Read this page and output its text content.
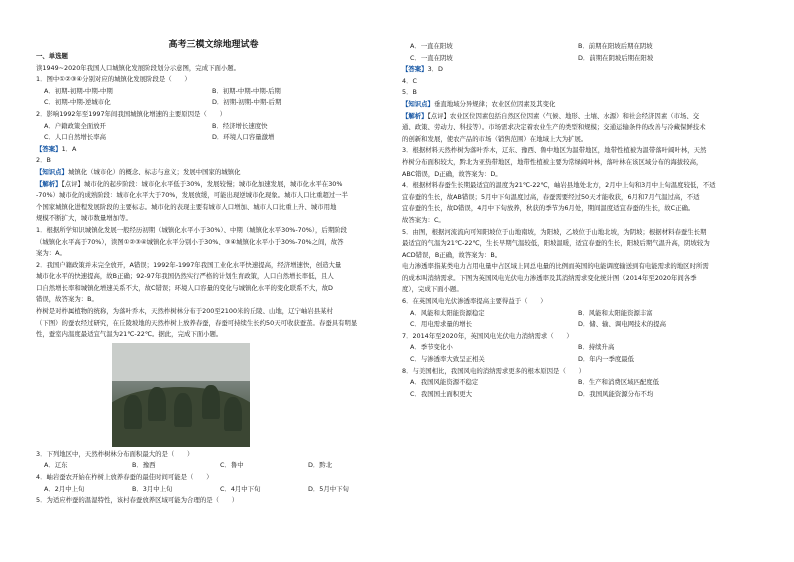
高考三模文综地理试卷
一、单选题
读1949~2020年我国人口城镇化发展阶段划分示意图，完成下面小题。
1．图中①②③④分别对应的城镇化发展阶段是（　　）
A．初期-初期-中期-中期	B．初期-中期-中期-后期
C．初期-中期-逆城市化	D．初期-初期-中期-后期
2．影响1992年至1997年间我国城镇化增速的主要原因是（　　）
A．户籍政策全面放开	B．经济增长速度快
C．人口自然增长率高	D．环境人口容量激增
【答案】1．A
2．B
【知识点】城镇化（城市化）的概念、标志与意义；发展中国家的城镇化
【解析】【点评】城市化的起步阶段：城市化水平低于30%，发展较慢；城市化加速发展，城市化水平在30%
-70%）城市化的成熟阶段：城市化水平大于70%，发展放缓，可能出现逆城市化现象。城市人口比重超过一半
个国家城镇化进程发展阶段的主要标志。城市化的表现主要有城市人口增加、城市人口比重上升、城市用地
规模不断扩大，城市数量增加等。
1．根据所学知识城镇化发展一般经历初期（城镇化水平小于30%）、中期（城镇化水平30%-70%），后期阶段
（城镇化水平高于70%），读图①②③④城镇化水平分别小于30%、③④城镇化水平小于30%-70%之间，故答
案为：A。
2．我国户籍政策并未完全放开，A错误；1992年-1997年我国工业化水平快速提高，经济增速快，创造大量
城市化水平的快速提高，故B正确；92-97年我国仍然实行严格的计划生育政策，人口自然增长率低，且人
口自然增长率和城镇化增速关系不大，故C错误；环境人口容量的变化与城镇化水平的变化联系不大，故D
错误，故答案为：B。
柞树是对柞属植物的统称，为落叶乔木，天然柞树林分布于200至2100米的丘陵、山地，辽宁岫岩县某村
（下图）的蚕农经过研究，在丘陵坡地的天然柞树上放养春蚕，春蚕可持续生长约50天可收获蚕茧。春蚕具有明显
性，蚕室内温度最适宜气温为21℃-22℃。据此，完成下面小题。
3．下列地区中，天然柞树林分布面积最大的是（　　）
A．辽东	B．豫西	C．鲁中	D．黔北
4．岫岩蚕农开始在柞树上放养春蚕的最佳时间可能是（　　）
A．2月中上旬	B．3月中上旬	C．4月中下旬	D．5月中下旬
5．为适应柞蚕的温湿特性，该村春蚕放养区域可能为合理的是（　　）
A．一直在阳坡	B．前期在阳坡后期在阴坡
C．一直在阴坡	D．前期在阴坡后期在阳坡
【答案】3．D
4．C
5．B
【知识点】垂直地域分异规律；农业区位因素及其变化
【解析】【点评】农业区位因素包括自然区位因素（气候、地形、土壤、水源）和社会经济因素（市场、交
通、政策、劳动力、科技等）。市场需求决定着农业生产的类型和规模；交通运输条件的改善与冷藏保鲜技术
的创新和发展，使农产品的市场（销售范围）在地域上大为扩展。
3．根据材料天然柞树为落叶乔木，辽东、豫西、鲁中地区为温带地区，地带性植被为温带落叶阔叶林，天然
柞树分布面积较大，黔北为亚热带地区，地带性植被主要为常绿阔叶林，落叶林在该区域分布的海拔较高，
ABC错误，D正确，故答案为：D。
4．根据材料春蚕生长期最适宜的温度为21℃-22℃，岫岩县地处北方，2月中上旬和3月中上旬温度较低，不适
宜春蚕的生长，故AB错误；5月中下旬温度过高，春蚕需要经过50天才能收获，6月和7月气温过高，不适
宜春蚕的生长，故D错误，4月中下旬放养，秋获的季节为6月处，期间温度适宜春蚕的生长，故C正确。
故答案为：C。
5．由图，根据河流流向可知阳坡位于山地南坡，为阳坡，乙坡位于山地北坡，为阴坡；根据材料春蚕生长期
最适宜的气温为21℃-22℃，生长早期气温较低，阳坡温暖，适宜春蚕的生长，阳坡后期气温升高，阴坡较为
ACD错误，B正确，故答案为：B。
电力渗透率指某类电力占用电量中占区域上同总电量的比例而英国的电能调度输送到有电能需求的地区时所需
的成本叫消纳需求。下图为英国风电光伏电力渗透率及其消纳需求变化统计图（2014年至2020年间各季
度），完成下面小题。
6．在英国风电光伏渗透率提高主要得益于（　　）
A．风能和太阳能资源稳定	B．风能和太阳能资源丰富
C．用电需求量的增长	D．储、输、调电网技术的提高
7．2014年至2020年，英国风电光伏电力消纳需求（　　）
A．季节变化小	B．持续升高
C．与渗透率大致呈正相关	D．年内一季度最低
8．与美国相比，我国风电的消纳需求更多的根本原因是（　　）
A．我国风能资源不稳定	B．生产和消费区域匹配度低
C．我国国土面积更大	D．我国风能资源分布不均
